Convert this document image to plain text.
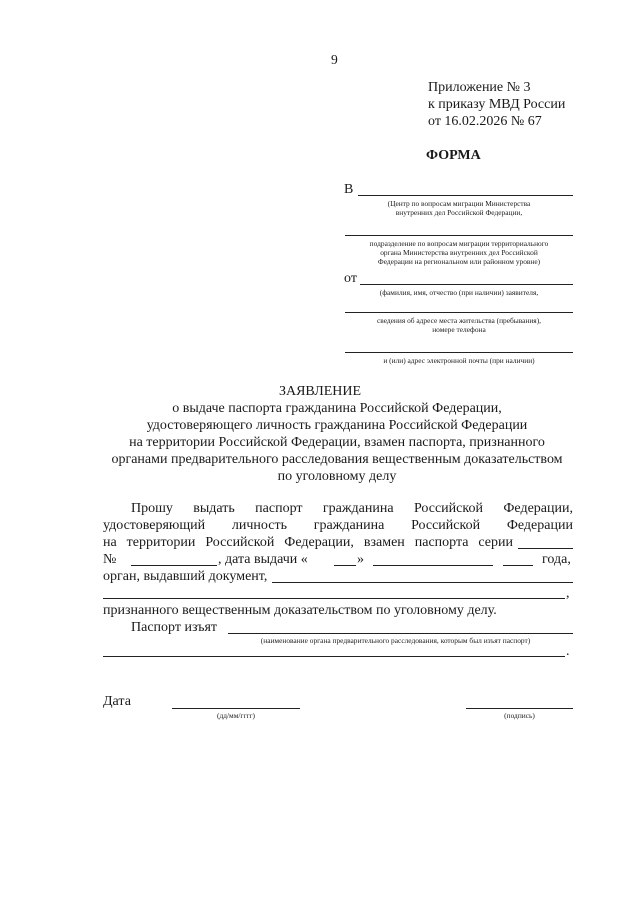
9
Приложение № 3
к приказу МВД России
от 16.02.2026 № 67
ФОРМА
В
(Центр по вопросам миграции Министерства
внутренних дел Российской Федерации,
подразделение по вопросам миграции территориального
органа Министерства внутренних дел Российской
Федерации на региональном или районном уровне)
от
(фамилия, имя, отчество (при наличии) заявителя,
сведения об адресе места жительства (пребывания),
номере телефона
и (или) адрес электронной почты (при наличии)
ЗАЯВЛЕНИЕ
о выдаче паспорта гражданина Российской Федерации,
удостоверяющего личность гражданина Российской Федерации
на территории Российской Федерации, взамен паспорта, признанного
органами предварительного расследования вещественным доказательством
по уголовному делу
Прошу выдать паспорт гражданина Российской Федерации,
удостоверяющий личность гражданина Российской Федерации
на территории Российской Федерации, взамен паспорта серии
№	, дата выдачи «	»	года,
орган, выдавший документ,
,
признанного вещественным доказательством по уголовному делу.
Паспорт изъят
(наименование органа предварительного расследования, которым был изъят паспорт)
.
Дата
(дд/мм/гггг)	(подпись)
